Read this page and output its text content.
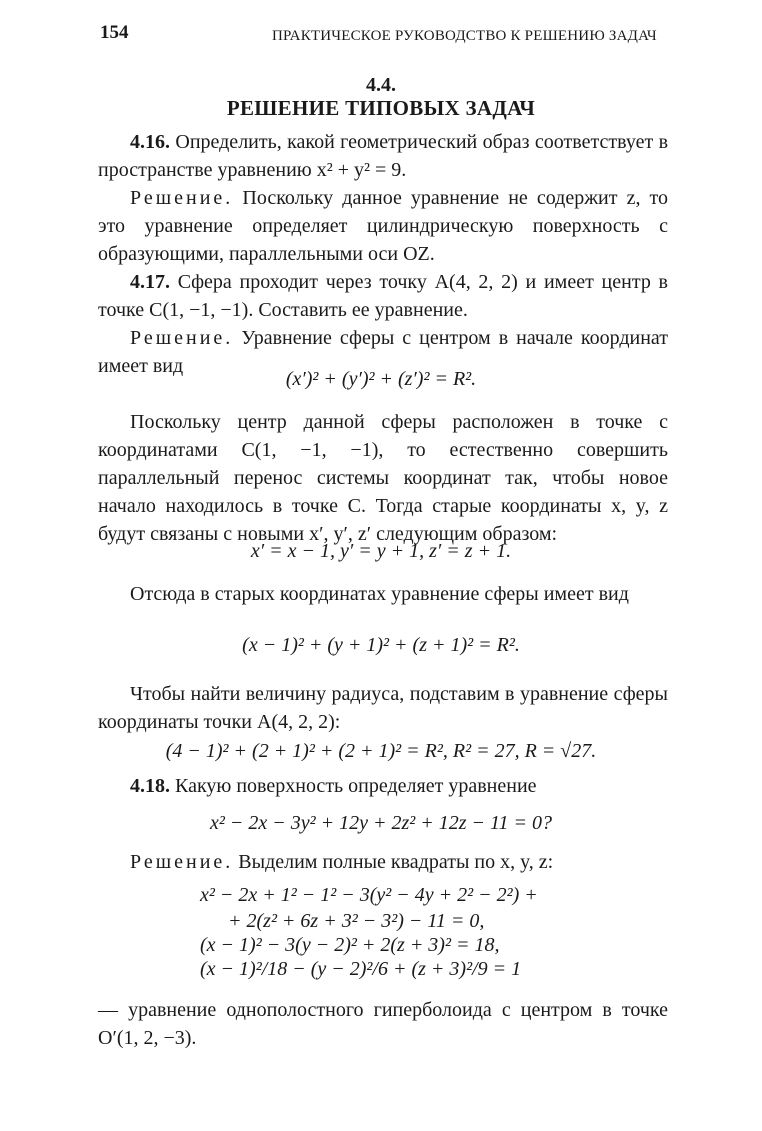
154	ПРАКТИЧЕСКОЕ РУКОВОДСТВО К РЕШЕНИЮ ЗАДАЧ
4.4.
РЕШЕНИЕ ТИПОВЫХ ЗАДАЧ
4.16. Определить, какой геометрический образ соответствует в пространстве уравнению x² + y² = 9.
Решение. Поскольку данное уравнение не содержит z, то это уравнение определяет цилиндрическую поверхность с образующими, параллельными оси OZ.
4.17. Сфера проходит через точку A(4, 2, 2) и имеет центр в точке C(1, −1, −1). Составить ее уравнение.
Решение. Уравнение сферы с центром в начале координат имеет вид
(x′)² + (y′)² + (z′)² = R².
Поскольку центр данной сферы расположен в точке с координатами C(1, −1, −1), то естественно совершить параллельный перенос системы координат так, чтобы новое начало находилось в точке C. Тогда старые координаты x, y, z будут связаны с новыми x′, y′, z′ следующим образом:
x′ = x − 1, y′ = y + 1, z′ = z + 1.
Отсюда в старых координатах уравнение сферы имеет вид
(x − 1)² + (y + 1)² + (z + 1)² = R².
Чтобы найти величину радиуса, подставим в уравнение сферы координаты точки A(4, 2, 2):
(4 − 1)² + (2 + 1)² + (2 + 1)² = R², R² = 27, R = √27.
4.18. Какую поверхность определяет уравнение
x² − 2x − 3y² + 12y + 2z² + 12z − 11 = 0?
Решение. Выделим полные квадраты по x, y, z:
x² − 2x + 1² − 1² − 3(y² − 4y + 2² − 2²) +
+ 2(z² + 6z + 3² − 3²) − 11 = 0,
(x − 1)² − 3(y − 2)² + 2(z + 3)² = 18,
(x − 1)²/18 − (y − 2)²/6 + (z + 3)²/9 = 1
— уравнение однополостного гиперболоида с центром в точке O′(1, 2, −3).
